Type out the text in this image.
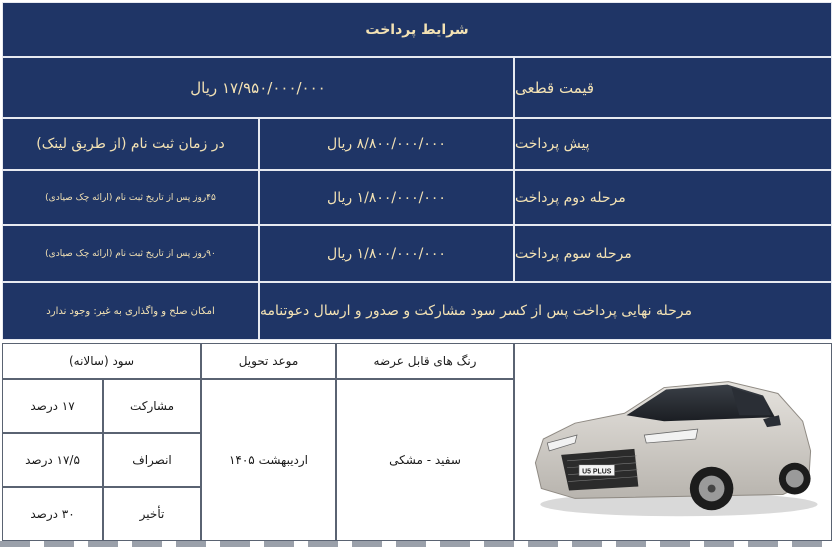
شرایط پرداخت
قیمت قطعی
۱۷/۹۵۰/۰۰۰/۰۰۰ ریال
پیش پرداخت
۸/۸۰۰/۰۰۰/۰۰۰ ریال
در زمان ثبت نام (از طریق لینک)
مرحله دوم پرداخت
۱/۸۰۰/۰۰۰/۰۰۰ ریال
۴۵روز پس از تاریخ ثبت نام (ارائه چک صیادی)
مرحله سوم پرداخت
۱/۸۰۰/۰۰۰/۰۰۰ ریال
۹۰روز پس از تاریخ ثبت نام (ارائه چک صیادی)
مرحله نهایی پرداخت پس از کسر سود مشارکت و صدور و ارسال دعوتنامه
امکان صلح و واگذاری به غیر: وجود ندارد
رنگ های قابل عرضه
موعد تحویل
سود (سالانه)
سفید - مشکی
اردیبهشت ۱۴۰۵
مشارکت
۱۷ درصد
انصراف
۱۷/۵ درصد
تأخیر
۳۰ درصد
U5 PLUS
